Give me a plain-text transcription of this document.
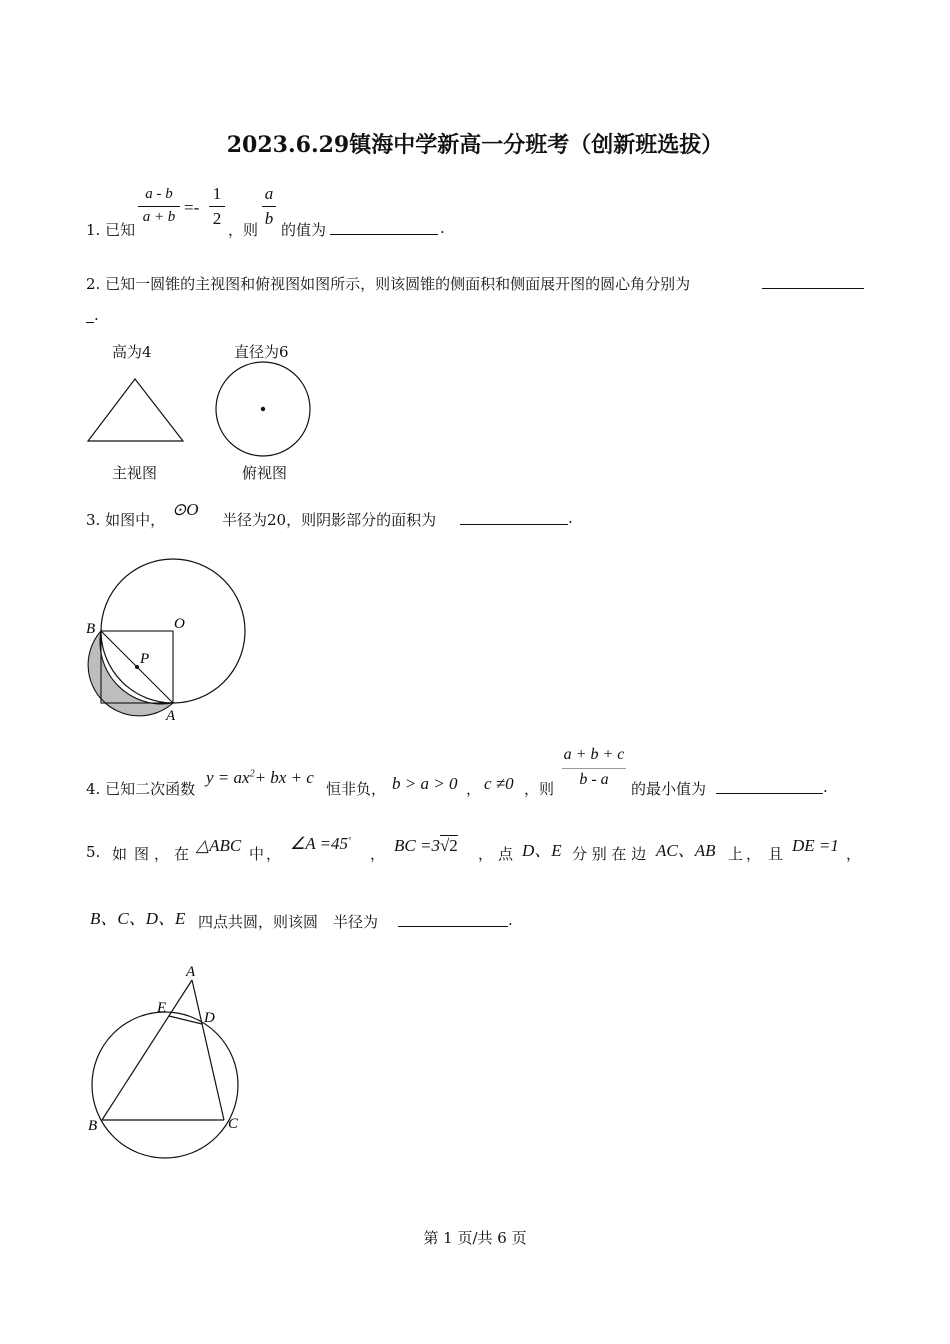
2023.6.29镇海中学新高一分班考（创新班选拔）
1. 已知
$\frac{a - b}{a + b} =- \frac{1}{2}$
，则
$\frac{a}{b}$
的值为	.
2. 已知一圆锥的主视图和俯视图如图所示，则该圆锥的侧面积和侧面展开图的圆心角分别为
.
高为4	直径为6
主视图	俯视图
3. 如图中，
⊙O
半径为20，则阴影部分的面积为	.
B	O
P
A
4. 已知二次函数
$y = ax^2+$ bx + c
恒非负， b > a > 0 ， c ≠0 ，则 $\frac{a + b + c}{b - a}$ 的最小值为	.
5. 如 图 ， 在 △ABC 中 ，
∠A =45°
， BC =3√2 ， 点 D、E 分 别 在 边 AC、AB 上 ， 且 DE =1 ，
B、C、D、E 四点共圆，则该圆　半径为	.
A
E
D
B	C
第 1 页/共 6 页
